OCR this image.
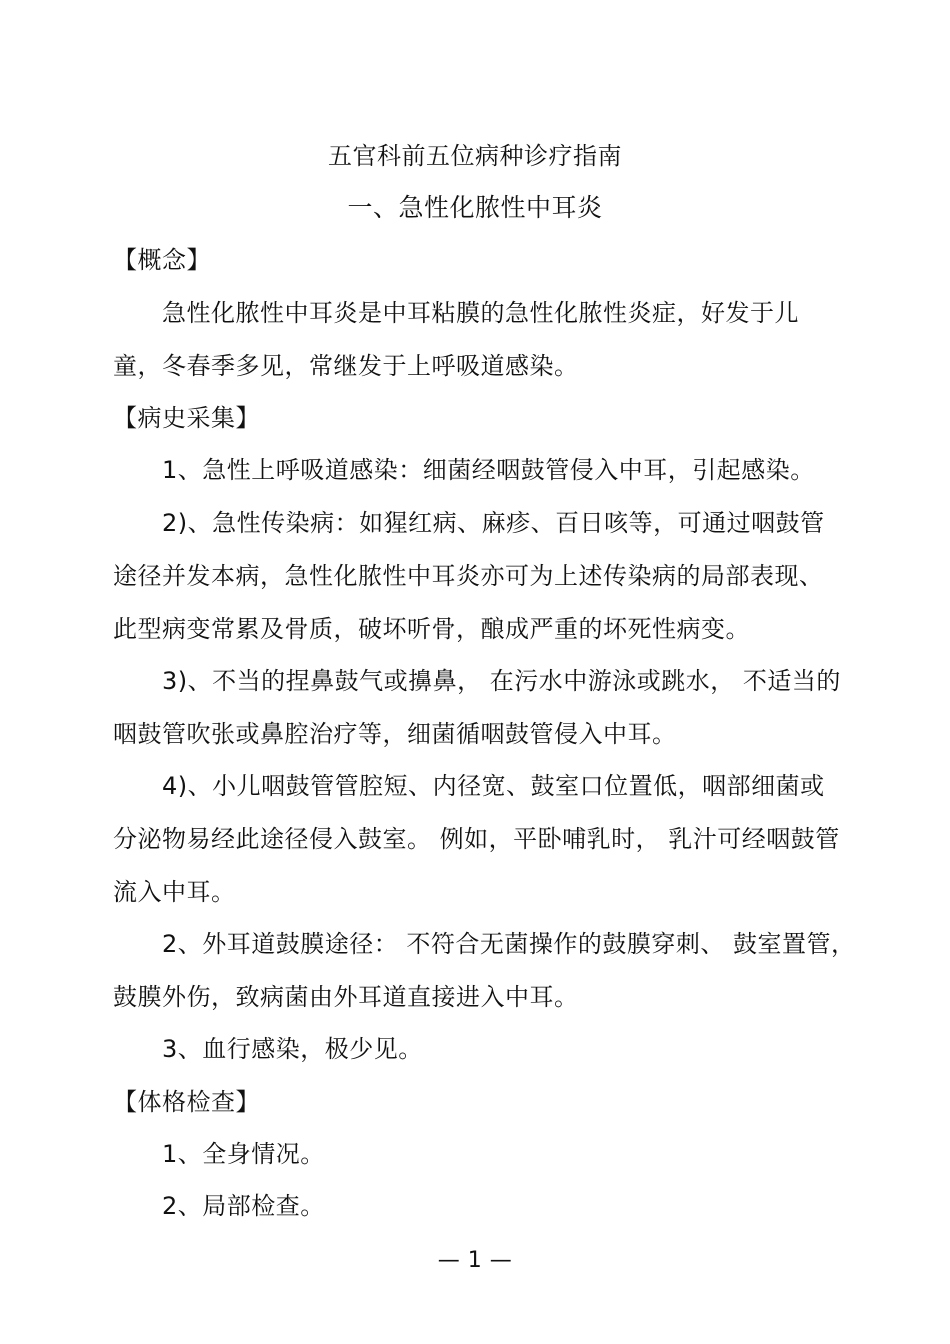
五官科前五位病种诊疗指南
一、急性化脓性中耳炎
【概念】
急性化脓性中耳炎是中耳粘膜的急性化脓性炎症，好发于儿
童，冬春季多见，常继发于上呼吸道感染。
【病史采集】
1、急性上呼吸道感染：细菌经咽鼓管侵入中耳，引起感染。
2)、急性传染病：如猩红病、麻疹、百日咳等，可通过咽鼓管
途径并发本病，急性化脓性中耳炎亦可为上述传染病的局部表现、
此型病变常累及骨质，破坏听骨，酿成严重的坏死性病变。
3)、不当的捏鼻鼓气或擤鼻， 在污水中游泳或跳水， 不适当的
咽鼓管吹张或鼻腔治疗等，细菌循咽鼓管侵入中耳。
4)、小儿咽鼓管管腔短、内径宽、鼓室口位置低，咽部细菌或
分泌物易经此途径侵入鼓室。 例如，平卧哺乳时， 乳汁可经咽鼓管
流入中耳。
2、外耳道鼓膜途径： 不符合无菌操作的鼓膜穿刺、 鼓室置管，
鼓膜外伤，致病菌由外耳道直接进入中耳。
3、血行感染，极少见。
【体格检查】
1、全身情况。
2、局部检查。
— 1 —
